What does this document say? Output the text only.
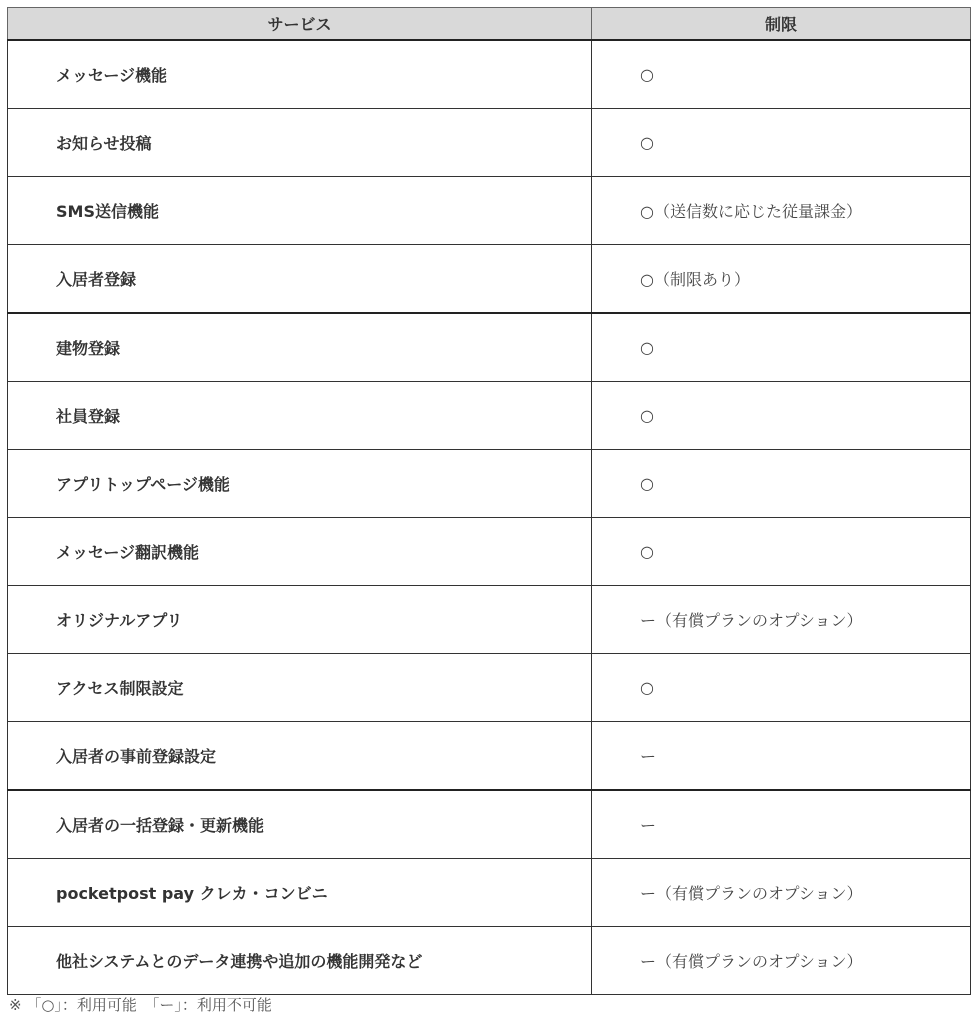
サービス	制限
メッセージ機能	○
お知らせ投稿	○
SMS送信機能	○（送信数に応じた従量課金）
入居者登録	○（制限あり）
建物登録	○
社員登録	○
アプリトップページ機能	○
メッセージ翻訳機能	○
オリジナルアプリ	ー（有償プランのオプション）
アクセス制限設定	○
入居者の事前登録設定	ー
入居者の一括登録・更新機能	ー
pocketpost pay クレカ・コンビニ	ー（有償プランのオプション）
他社システムとのデータ連携や追加の機能開発など	ー（有償プランのオプション）
※ 「○」：利用可能　「ー」：利用不可能
